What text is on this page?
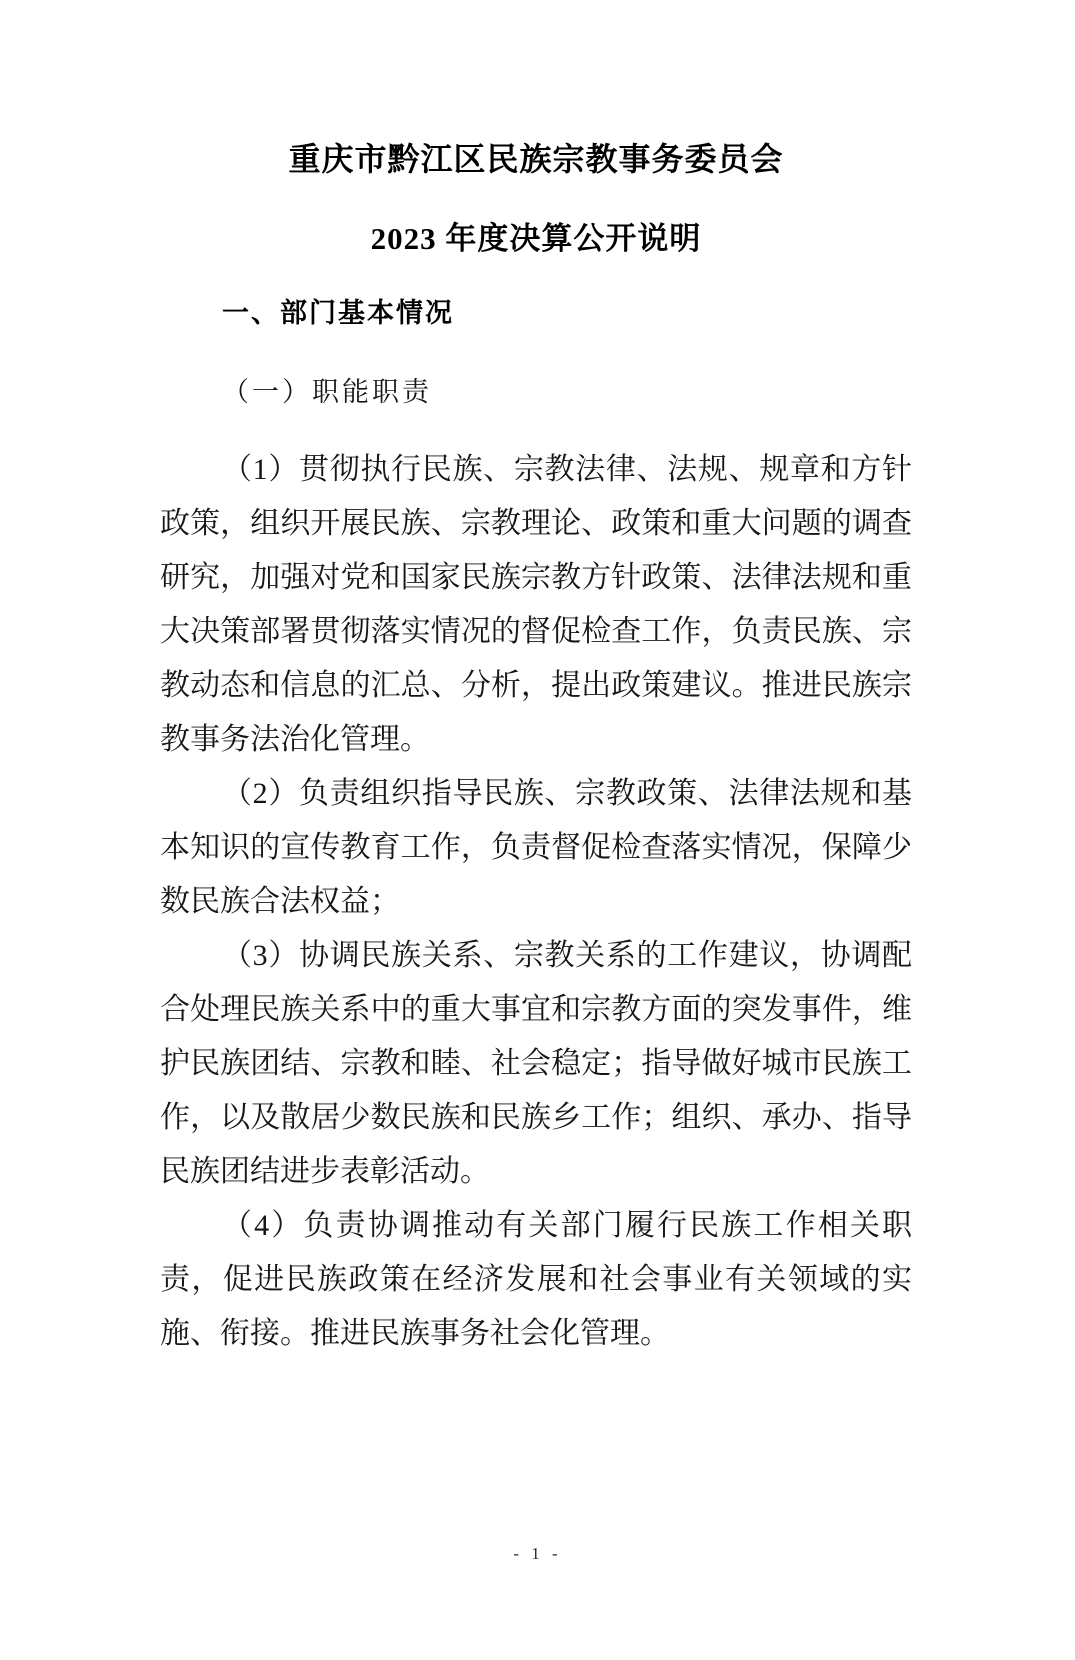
重庆市黔江区民族宗教事务委员会
2023 年度决算公开说明
一、部门基本情况
（一）职能职责

（1）贯彻执行民族、宗教法律、法规、规章和方针政策，组织开展民族、宗教理论、政策和重大问题的调查研究，加强对党和国家民族宗教方针政策、法律法规和重大决策部署贯彻落实情况的督促检查工作，负责民族、宗教动态和信息的汇总、分析，提出政策建议。推进民族宗教事务法治化管理。

（2）负责组织指导民族、宗教政策、法律法规和基本知识的宣传教育工作，负责督促检查落实情况，保障少数民族合法权益；

（3）协调民族关系、宗教关系的工作建议，协调配合处理民族关系中的重大事宜和宗教方面的突发事件，维护民族团结、宗教和睦、社会稳定；指导做好城市民族工作，以及散居少数民族和民族乡工作；组织、承办、指导民族团结进步表彰活动。

（4）负责协调推动有关部门履行民族工作相关职责，促进民族政策在经济发展和社会事业有关领域的实施、衔接。推进民族事务社会化管理。

- 1 -
